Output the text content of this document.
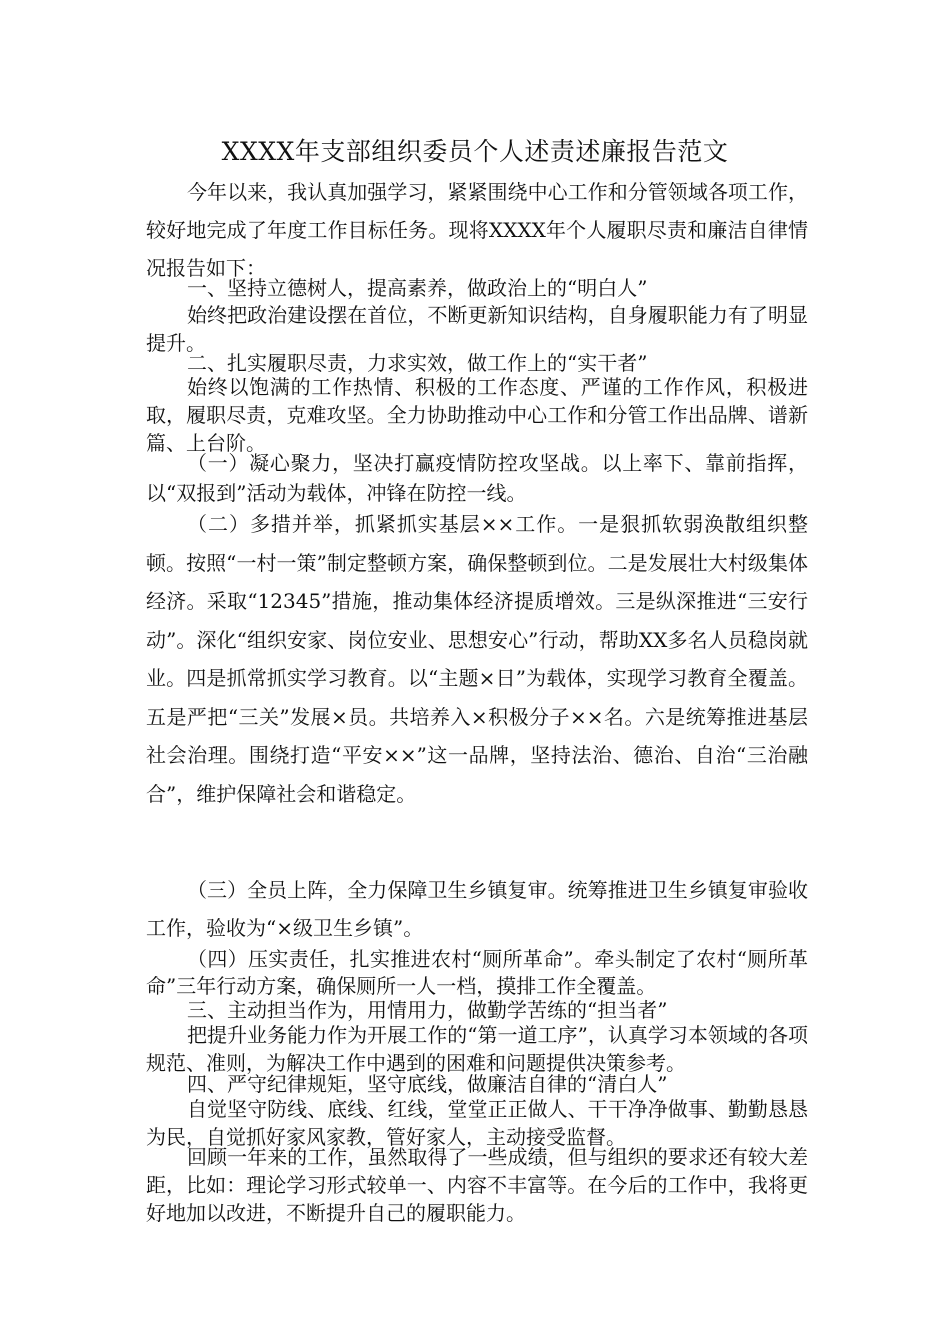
XXXX年支部组织委员个人述责述廉报告范文
今年以来，我认真加强学习，紧紧围绕中心工作和分管领域各项工作，较好地完成了年度工作目标任务。现将XXXX年个人履职尽责和廉洁自律情况报告如下：
一、坚持立德树人，提高素养，做政治上的“明白人”
始终把政治建设摆在首位，不断更新知识结构，自身履职能力有了明显提升。
二、扎实履职尽责，力求实效，做工作上的“实干者”
始终以饱满的工作热情、积极的工作态度、严谨的工作作风，积极进取，履职尽责，克难攻坚。全力协助推动中心工作和分管工作出品牌、谱新篇、上台阶。
（一）凝心聚力，坚决打赢疫情防控攻坚战。以上率下、靠前指挥，以“双报到”活动为载体，冲锋在防控一线。
（二）多措并举，抓紧抓实基层××工作。一是狠抓软弱涣散组织整顿。按照“一村一策”制定整顿方案，确保整顿到位。二是发展壮大村级集体经济。采取“12345”措施，推动集体经济提质增效。三是纵深推进“三安行动”。深化“组织安家、岗位安业、思想安心”行动，帮助XX多名人员稳岗就业。四是抓常抓实学习教育。以“主题×日”为载体，实现学习教育全覆盖。五是严把“三关”发展×员。共培养入×积极分子××名。六是统筹推进基层社会治理。围绕打造“平安××”这一品牌，坚持法治、德治、自治“三治融合”，维护保障社会和谐稳定。
（三）全员上阵，全力保障卫生乡镇复审。统筹推进卫生乡镇复审验收工作，验收为“×级卫生乡镇”。
（四）压实责任，扎实推进农村“厕所革命”。牵头制定了农村“厕所革命”三年行动方案，确保厕所一人一档，摸排工作全覆盖。
三、主动担当作为，用情用力，做勤学苦练的“担当者”
把提升业务能力作为开展工作的“第一道工序”，认真学习本领域的各项规范、准则，为解决工作中遇到的困难和问题提供决策参考。
四、严守纪律规矩，坚守底线，做廉洁自律的“清白人”
自觉坚守防线、底线、红线，堂堂正正做人、干干净净做事、勤勤恳恳为民，自觉抓好家风家教，管好家人，主动接受监督。
回顾一年来的工作，虽然取得了一些成绩，但与组织的要求还有较大差距，比如：理论学习形式较单一、内容不丰富等。在今后的工作中，我将更好地加以改进，不断提升自己的履职能力。
